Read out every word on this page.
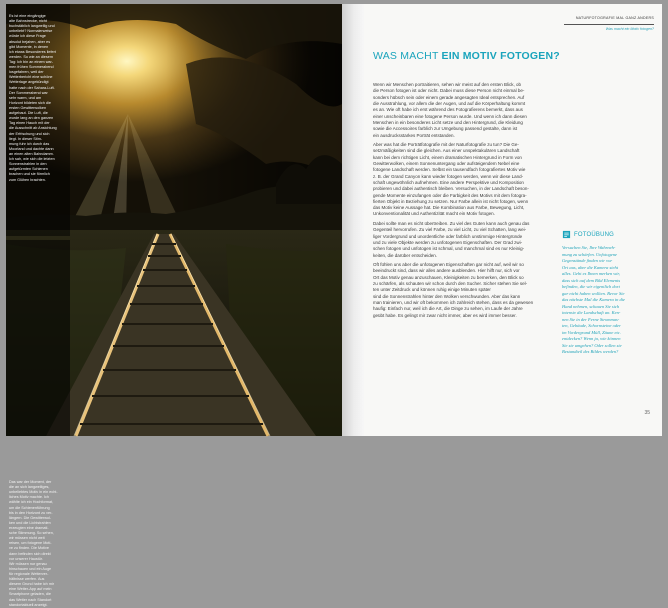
Es ist eine eingängige
alte Bahnstrecke, nicht
buchstäblich langweilig und
unbeliebt? Normalerweise
würde ich diese Frage
absolut bejahen, aber es
gibt Momente, in denen
ich etwas Besonderes liefert
werden. So wie an diesem
Tag: Ich bin an einem war-
men frühen Sommerabend
losgefahren, weil der
Wetterbericht eine schöne
Wetterlage angekündigt
hatte nach der Sahara-Luft.
Der Sommerabend war
sehr warm, und am
Horizont bildeten sich die
ersten Gewitterwolken
aufgebaut. Die Luft, die
wurde lang an den ganzen
Tag einen Hauch mit der
die Ausschnitt ab Ansichtung
der Erfrischung und sich
liegt. In dieser Stim-
mung fuhr ich durch das
Moorland und dachte dann
an einen alten Bahndamm.
Ich sah, wie sich die letzten
Sonnenstrahlen in den
aufgetürmten Schienen
brachen und sie förmlich
zum Glühen brachten.
Das war der Moment, der
die an sich langweiliges,
unbeliebtes Motiv in ein echt-
liches Motiv machte. Ich
wählte ich ein Hochformat,
um die Schienenführung
bis in den Horizont zu ver-
längern. Die Gewitterwol-
ken und die Lichtstrahlen
erzeugten eine dramati-
sche Stimmung. So sehen,
wir müssen nicht weit
reisen, um fotogene Moti-
ve zu finden. Die Motive
dann befinden sich direkt
vor unserer Haustür.
Wir müssen nur genau
hinschauen und ein Auge
für regionale Wetterver-
hältnisse werfen. Aus
diesem Grund habe ich mir
eine Wetter-App auf mein
Smartphone geladen, die
das Wetter nach Standort
standortaktuell anzeigt.
NATURFOTOGRAFIE MAL GANZ ANDERS
Was macht ein Motiv fotogen?
WAS MACHT EIN MOTIV FOTOGEN?
Wenn wir Menschen portraitieren, sehen wir meist auf den ersten Blick, ob
die Person fotogen ist oder nicht. Dabei muss diese Person nicht einmal be-
sonders hübsch sein oder einem gerade angesagten Ideal entsprechen. Auf
die Ausstrahlung, vor allem die der Augen, und auf die Körperhaltung kommt
es an. Wie oft habe ich erst während des Fotografierens bemerkt, dass aus
einer unscheinbaren eine fotogene Person wurde. Und wenn ich dann diesen
Menschen in ein besonderes Licht setze und den Hintergrund, die Kleidung
sowie die Accessoires farblich zur Umgebung passend gestalte, dann ist
ein ausdrucksstarkes Porträt entstanden.
Aber was hat die Porträtfotografie mit der Naturfotografie zu tun? Die Ge-
setzmäßigkeiten sind die gleichen. Aus einer unspektakulären Landschaft
kann bei dem richtigen Licht, einem dramatischen Hintergrund in Form von
Gewitterwolken, einem Sonnenuntergang oder aufsteigendem Nebel eine
fotogene Landschaft werden. Selbst ein tausendfach fotografiertes Motiv wie
z. B. der Grand Canyon kann wieder fotogen werden, wenn wir diese Land-
schaft ungewöhnlich aufnehmen. Eine andere Perspektive und Komposition
probieren und dabei authentisch bleiben. Versuchen, in der Landschaft beson-
gende Momente einzufangen oder die Farbigkeit des Motivs mit dem fotogra-
fierten Objekt in Beziehung zu setzen. Nur Farbe allein ist nicht fotogen, wenn
das Motiv keine Aussage hat. Die Kombination aus Farbe, Bewegung, Licht,
Unkonventionalität und Authentizität macht ein Motiv fotogen.
Dabei sollte man es nicht übertreiben. Zu viel des Guten kann auch genau das
Gegenteil hervorrufen. Zu viel Farbe, zu viel Licht, zu viel Schatten, lang wei-
liger Vordergrund und unordentliche oder farblich unstimmige Hintergründe
und zu viele Objekte werden zu unfotogenen Eigenschaften. Der Grad zwi-
schen fotogen und unfotogen ist schmal, und manchmal sind es nur Kleinig-
keiten, die darüber entscheiden.
Oft fühlen uns aber die unfotogenen Eigenschaften gar nicht auf, weil wir so
beeindruckt sind, dass wir alles andere ausblenden. Hier hilft nur, sich vor
Ort das Motiv genau anzuschauen, Kleinigkeiten zu bemerken, den Blick so
zu schärfen, als schauten wir schon durch den Sucher. Sicher stehen Sie sel-
ten unter Zeitdruck und können ruhig einige Minuten später
sind die Sonnenstrahlen hinter den Wolken verschwunden. Aber das kann
man trainieren, und wir oft bekommen ich zahlreich stehen, dass es da gewesen
haufig: Einfach nur, weil ich die Art, die Dinge zu sehen, im Laufe der Jahre
geübt habe. Es gelingt mir zwar nicht immer, aber es wird immer besser.
FOTOÜBUNG
Versuchen Sie, Ihre Wahrneh-
mung zu schärfen. Unfotogene
Gegenstände finden wir vor
Ort aus, aber die Kamera sieht
alles. Geht es Ihnen merken wir,
dass sich auf dem Bild Elements
befinden, die wir eigentlich dort
gar nicht haben wollten. Bevor Sie
das nächste Mal die Kamera in die
Hand nehmen, schauen Sie sich
intensiv die Landschaft an. Ken-
nen Sie in der Ferne Strommas-
ten, Gebäude, Schornsteine oder
im Vordergrund Müll, Zäune etc.
entdecken? Wenn ja, wie können
Sie sie umgehen? Oder sollen sie
Bestandteil des Bildes werden?
35
